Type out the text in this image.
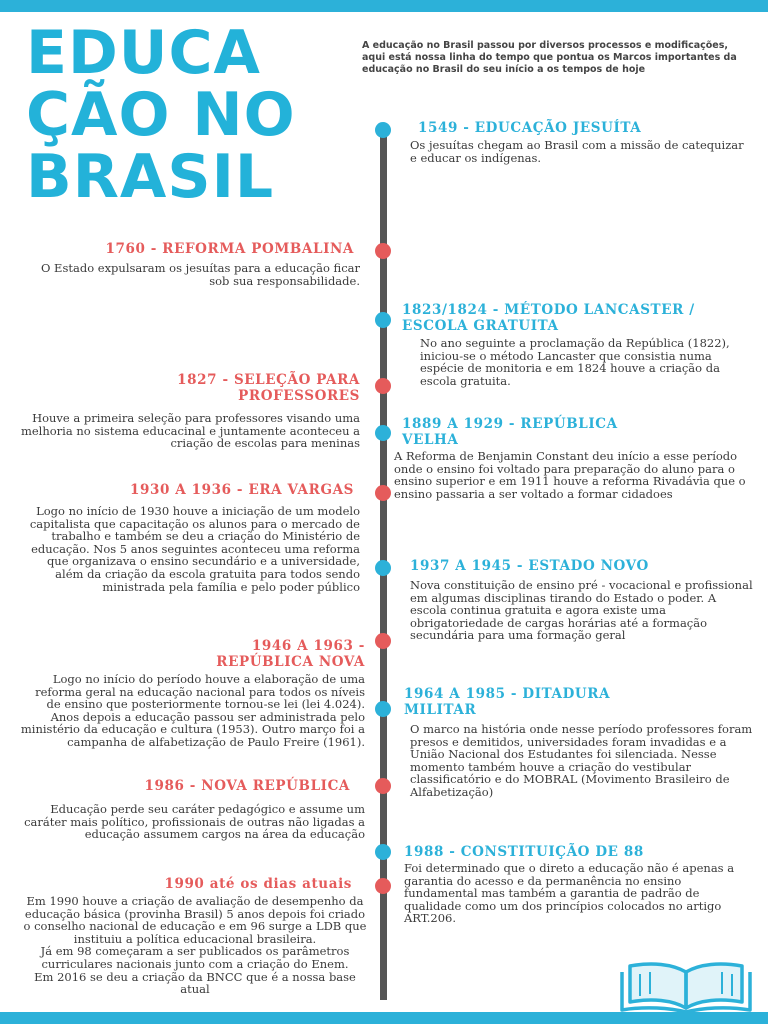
EDUCA
ÇÃO NO
BRASIL

A educação no Brasil passou por diversos processos e modificações, aqui está nossa linha do tempo que pontua os Marcos importantes da educação no Brasil do seu início a os tempos de hoje

1549 - EDUCAÇÃO JESUÍTA

Os jesuítas chegam ao Brasil com a missão de catequizar e educar os indígenas.

1760 - REFORMA POMBALINA

O Estado expulsaram os jesuítas para a educação ficar sob sua responsabilidade.

1823/1824 - MÉTODO LANCASTER / ESCOLA GRATUITA

No ano seguinte a proclamação da República (1822), iniciou-se o método Lancaster que consistia numa espécie de monitoria e em 1824 houve a criação da escola gratuita.

1827 - SELEÇÃO PARA PROFESSORES

Houve a primeira seleção para professores visando uma melhoria no sistema educacinal e juntamente aconteceu a criação de escolas para meninas

1889 A 1929 - REPÚBLICA VELHA

A Reforma de Benjamin Constant deu início a esse período onde o ensino foi voltado para preparação do aluno para o ensino superior e em 1911 houve a reforma Rivadávia que o ensino passaria a ser voltado a formar cidadoes

1930 A 1936 - ERA VARGAS

Logo no início de 1930 houve a iniciação de um modelo capitalista que capacitação os alunos para o mercado de trabalho e também se deu a criação do Ministério de educação. Nos 5 anos seguintes aconteceu uma reforma que organizava o ensino secundário e a universidade, além da criação da escola gratuita para todos sendo ministrada pela família e pelo poder público

1937 A 1945 - ESTADO NOVO

Nova constituição de ensino pré - vocacional e profissional em algumas disciplinas tirando do Estado o poder. A escola continua gratuita e agora existe uma obrigatoriedade de cargas horárias até a formação secundária para uma formação geral

1946 A 1963 - REPÚBLICA NOVA

Logo no início do período houve a elaboração de uma reforma geral na educação nacional para todos os níveis de ensino que posteriormente tornou-se lei (lei 4.024). Anos depois a educação passou ser administrada pelo ministério da educação e cultura (1953). Outro março foi a campanha de alfabetização de Paulo Freire (1961).

1964 A 1985 - DITADURA MILITAR

O marco na história onde nesse período professores foram presos e demitidos, universidades foram invadidas e a União Nacional dos Estudantes foi silenciada. Nesse momento também houve a criação do vestibular classificatório e do MOBRAL (Movimento Brasileiro de Alfabetização)

1986 - NOVA REPÚBLICA

Educação perde seu caráter pedagógico e assume um caráter mais político, profissionais de outras não ligadas a educação assumem cargos na área da educação

1988 - CONSTITUIÇÃO DE 88

Foi determinado que o direto a educação não é apenas a garantia do acesso e da permanência no ensino fundamental mas também a garantia de padrão de qualidade como um dos princípios colocados no artigo ART.206.

1990 até os dias atuais

Em 1990 houve a criação de avaliação de desempenho da educação básica (provinha Brasil) 5 anos depois foi criado o conselho nacional de educação e em 96 surge a LDB que instituiu a política educacional brasileira.
Já em 98 começaram a ser publicados os parâmetros curriculares nacionais junto com a criação do Enem.
Em 2016 se deu a criação da BNCC que é a nossa base atual
